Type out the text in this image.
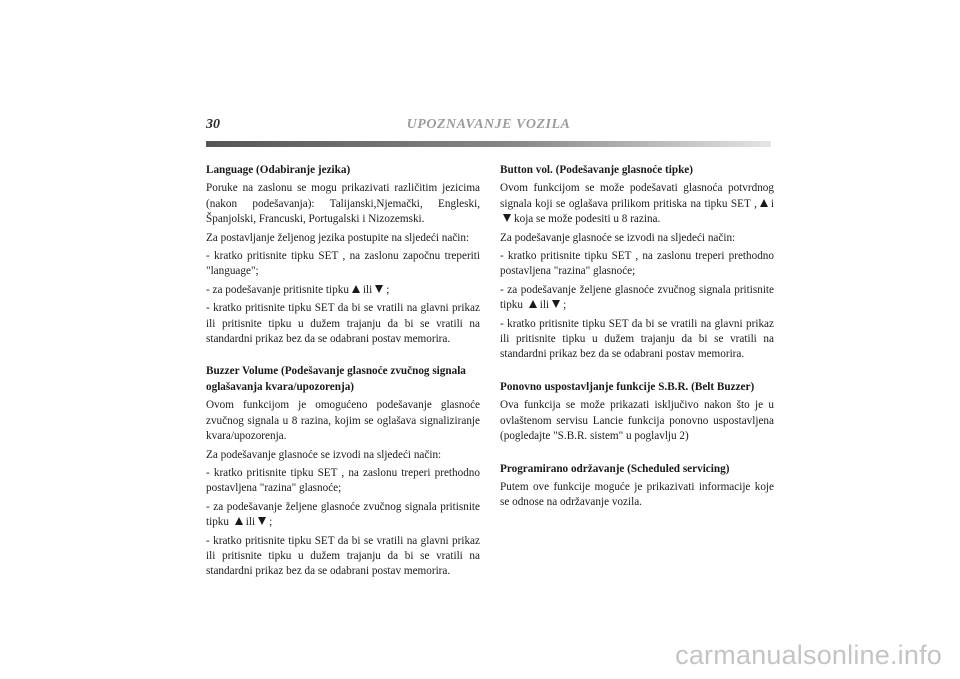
UPOZNAVANJE VOZILA
30
Language (Odabiranje jezika)
Poruke na zaslonu se mogu prikazivati različitim jezicima (nakon podešavanja): Talijanski,Njemački, Engleski, Španjolski, Francuski, Portugalski i Nizozemski.
Za postavljanje željenog jezika postupite na sljedeći način:
- kratko pritisnite tipku SET , na zaslonu započnu treperiti "language";
- za podešavanje pritisnite tipku ili ;
- kratko pritisnite tipku SET da bi se vratili na glavni prikaz ili pritisnite tipku u dužem trajanju da bi se vratili na standardni prikaz bez da se odabrani postav memorira.
Buzzer Volume (Podešavanje glasnoće zvučnog signala oglašavanja kvara/upozorenja)
Ovom funkcijom je omogućeno podešavanje glasnoće zvučnog signala u 8 razina, kojim se oglašava signaliziranje kvara/upozorenja.
Za podešavanje glasnoće se izvodi na sljedeći način:
- kratko pritisnite tipku SET , na zaslonu treperi prethodno postavljena "razina" glasnoće;
- za podešavanje željene glasnoće zvučnog signala pritisnite tipku ili ;
- kratko pritisnite tipku SET da bi se vratili na glavni prikaz ili pritisnite tipku u dužem trajanju da bi se vratili na standardni prikaz bez da se odabrani postav memorira.
Button vol. (Podešavanje glasnoće tipke)
Ovom funkcijom se može podešavati glasnoća potvrdnog signala koji se oglašava prilikom pritiska na tipku SET , ikoja se može podesiti u 8 razina.
Za podešavanje glasnoće se izvodi na sljedeći način:
- kratko pritisnite tipku SET , na zaslonu treperi prethodno postavljena "razina" glasnoće;
- za podešavanje željene glasnoće zvučnog signala pritisnite tipku ili ;
- kratko pritisnite tipku SET da bi se vratili na glavni prikaz ili pritisnite tipku u dužem trajanju da bi se vratili na standardni prikaz bez da se odabrani postav memorira.
Ponovno uspostavljanje funkcije S.B.R. (Belt Buzzer)
Ova funkcija se može prikazati isključivo nakon što je u ovlaštenom servisu Lancie funkcija ponovno uspostavljena (pogledajte "S.B.R. sistem" u poglavlju 2)
Programirano održavanje (Scheduled servicing)
Putem ove funkcije moguće je prikazivati informacije koje se odnose na održavanje vozila.
carmanualsonline.info
